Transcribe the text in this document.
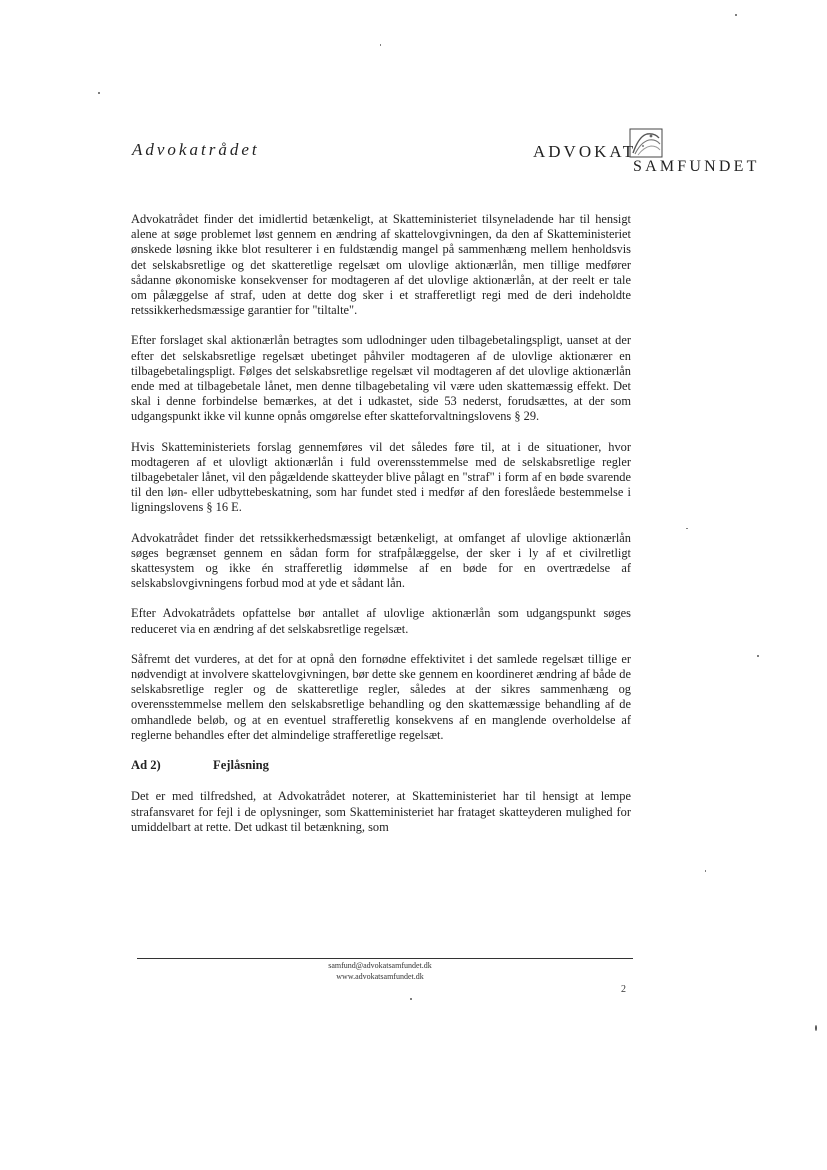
Advokatrådet	ADVOKAT
SAMFUNDET

Advokatrådet finder det imidlertid betænkeligt, at Skatteministeriet tilsyneladende har til hensigt alene at søge problemet løst gennem en ændring af skattelovgivningen, da den af Skatteministeriet ønskede løsning ikke blot resulterer i en fuldstændig mangel på sammenhæng mellem henholdsvis det selskabsretlige og det skatteretlige regelsæt om ulovlige aktionærlån, men tillige medfører sådanne økonomiske konsekvenser for modtageren af det ulovlige aktionærlån, at der reelt er tale om pålæggelse af straf, uden at dette dog sker i et strafferetligt regi med de deri indeholdte retssikkerhedsmæssige garantier for "tiltalte".

Efter forslaget skal aktionærlån betragtes som udlodninger uden tilbagebetalingspligt, uanset at der efter det selskabsretlige regelsæt ubetinget påhviler modtageren af de ulovlige aktionærer en tilbagebetalingspligt. Følges det selskabsretlige regelsæt vil modtageren af det ulovlige aktionærlån ende med at tilbagebetale lånet, men denne tilbagebetaling vil være uden skattemæssig effekt. Det skal i denne forbindelse bemærkes, at det i udkastet, side 53 nederst, forudsættes, at der som udgangspunkt ikke vil kunne opnås omgørelse efter skatteforvaltningslovens § 29.

Hvis Skatteministeriets forslag gennemføres vil det således føre til, at i de situationer, hvor modtageren af et ulovligt aktionærlån i fuld overensstemmelse med de selskabsretlige regler tilbagebetaler lånet, vil den pågældende skatteyder blive pålagt en "straf" i form af en bøde svarende til den løn- eller udbyttebeskatning, som har fundet sted i medfør af den foreslåede bestemmelse i ligningslovens § 16 E.

Advokatrådet finder det retssikkerhedsmæssigt betænkeligt, at omfanget af ulovlige aktionærlån søges begrænset gennem en sådan form for strafpålæggelse, der sker i ly af et civilretligt skattesystem og ikke én strafferetlig idømmelse af en bøde for en overtrædelse af selskabslovgivningens forbud mod at yde et sådant lån.

Efter Advokatrådets opfattelse bør antallet af ulovlige aktionærlån som udgangspunkt søges reduceret via en ændring af det selskabsretlige regelsæt.

Såfremt det vurderes, at det for at opnå den fornødne effektivitet i det samlede regelsæt tillige er nødvendigt at involvere skattelovgivningen, bør dette ske gennem en koordineret ændring af både de selskabsretlige regler og de skatteretlige regler, således at der sikres sammenhæng og overensstemmelse mellem den selskabsretlige behandling og den skattemæssige behandling af de omhandlede beløb, og at en eventuel strafferetlig konsekvens af en manglende overholdelse af reglerne behandles efter det almindelige strafferetlige regelsæt.

Ad 2)	Fejlåsning

Det er med tilfredshed, at Advokatrådet noterer, at Skatteministeriet har til hensigt at lempe strafansvaret for fejl i de oplysninger, som Skatteministeriet har frataget skatteyderen mulighed for umiddelbart at rette. Det udkast til betænkning, som

samfund@advokatsamfundet.dk
www.advokatsamfundet.dk
2
